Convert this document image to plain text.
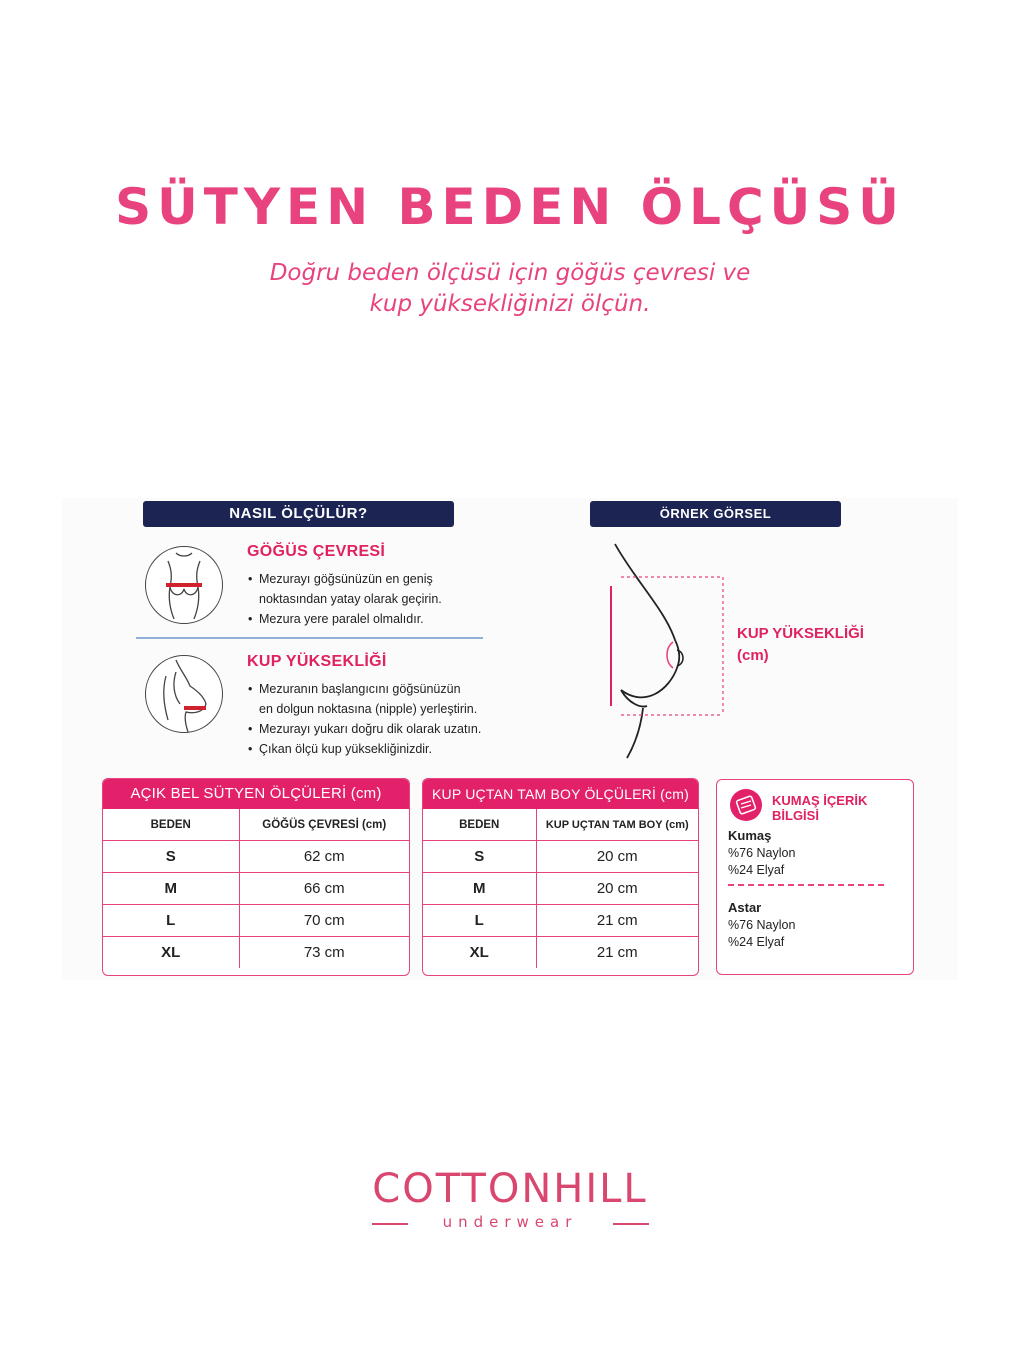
SÜTYEN BEDEN ÖLÇÜSÜ
Doğru beden ölçüsü için göğüs çevresi ve
kup yüksekliğinizi ölçün.
NASIL ÖLÇÜLÜR?
GÖĞÜS ÇEVRESİ
• Mezurayı göğsünüzün en geniş
noktasından yatay olarak geçirin.
• Mezura yere paralel olmalıdır.
KUP YÜKSEKLİĞİ
• Mezuranın başlangıcını göğsünüzün
en dolgun noktasına (nipple) yerleştirin.
• Mezurayı yukarı doğru dik olarak uzatın.
• Çıkan ölçü kup yüksekliğinizdir.
ÖRNEK GÖRSEL
KUP YÜKSEKLİĞİ
(cm)
AÇIK BEL SÜTYEN ÖLÇÜLERİ (cm)
BEDEN	GÖĞÜS ÇEVRESİ (cm)
S	62 cm
M	66 cm
L	70 cm
XL	73 cm
KUP UÇTAN TAM BOY ÖLÇÜLERİ (cm)
BEDEN	KUP UÇTAN TAM BOY (cm)
S	20 cm
M	20 cm
L	21 cm
XL	21 cm
KUMAŞ İÇERİK BİLGİSİ
Kumaş
%76 Naylon
%24 Elyaf
Astar
%76 Naylon
%24 Elyaf
COTTONHILL
underwear
